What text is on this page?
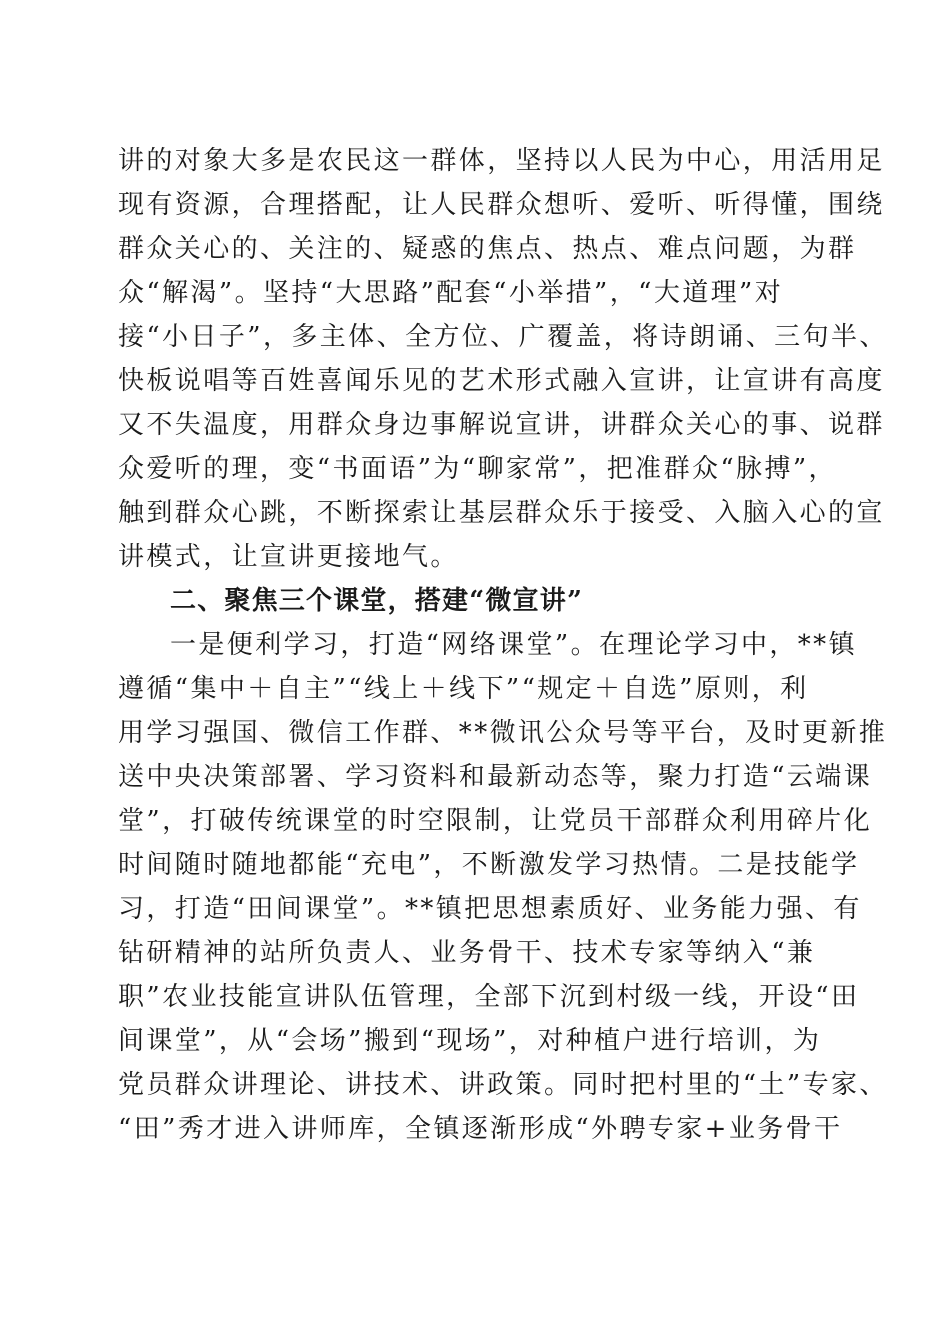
讲的对象大多是农民这一群体，坚持以人民为中心，用活用足
现有资源，合理搭配，让人民群众想听、爱听、听得懂，围绕
群众关心的、关注的、疑惑的焦点、热点、难点问题，为群
众“解渴”。坚持“大思路”配套“小举措”，“大道理”对
接“小日子”，多主体、全方位、广覆盖，将诗朗诵、三句半、
快板说唱等百姓喜闻乐见的艺术形式融入宣讲，让宣讲有高度
又不失温度，用群众身边事解说宣讲，讲群众关心的事、说群
众爱听的理，变“书面语”为“聊家常”，把准群众“脉搏”，
触到群众心跳，不断探索让基层群众乐于接受、入脑入心的宣
讲模式，让宣讲更接地气。
二、聚焦三个课堂，搭建“微宣讲”
一是便利学习，打造“网络课堂”。在理论学习中，**镇
遵循“集中＋自主”“线上＋线下”“规定＋自选”原则，利
用学习强国、微信工作群、**微讯公众号等平台，及时更新推
送中央决策部署、学习资料和最新动态等，聚力打造“云端课
堂”，打破传统课堂的时空限制，让党员干部群众利用碎片化
时间随时随地都能“充电”，不断激发学习热情。二是技能学
习，打造“田间课堂”。**镇把思想素质好、业务能力强、有
钻研精神的站所负责人、业务骨干、技术专家等纳入“兼
职”农业技能宣讲队伍管理，全部下沉到村级一线，开设“田
间课堂”，从“会场”搬到“现场”，对种植户进行培训，为
党员群众讲理论、讲技术、讲政策。同时把村里的“土”专家、
“田”秀才进入讲师库，全镇逐渐形成“外聘专家+业务骨干
